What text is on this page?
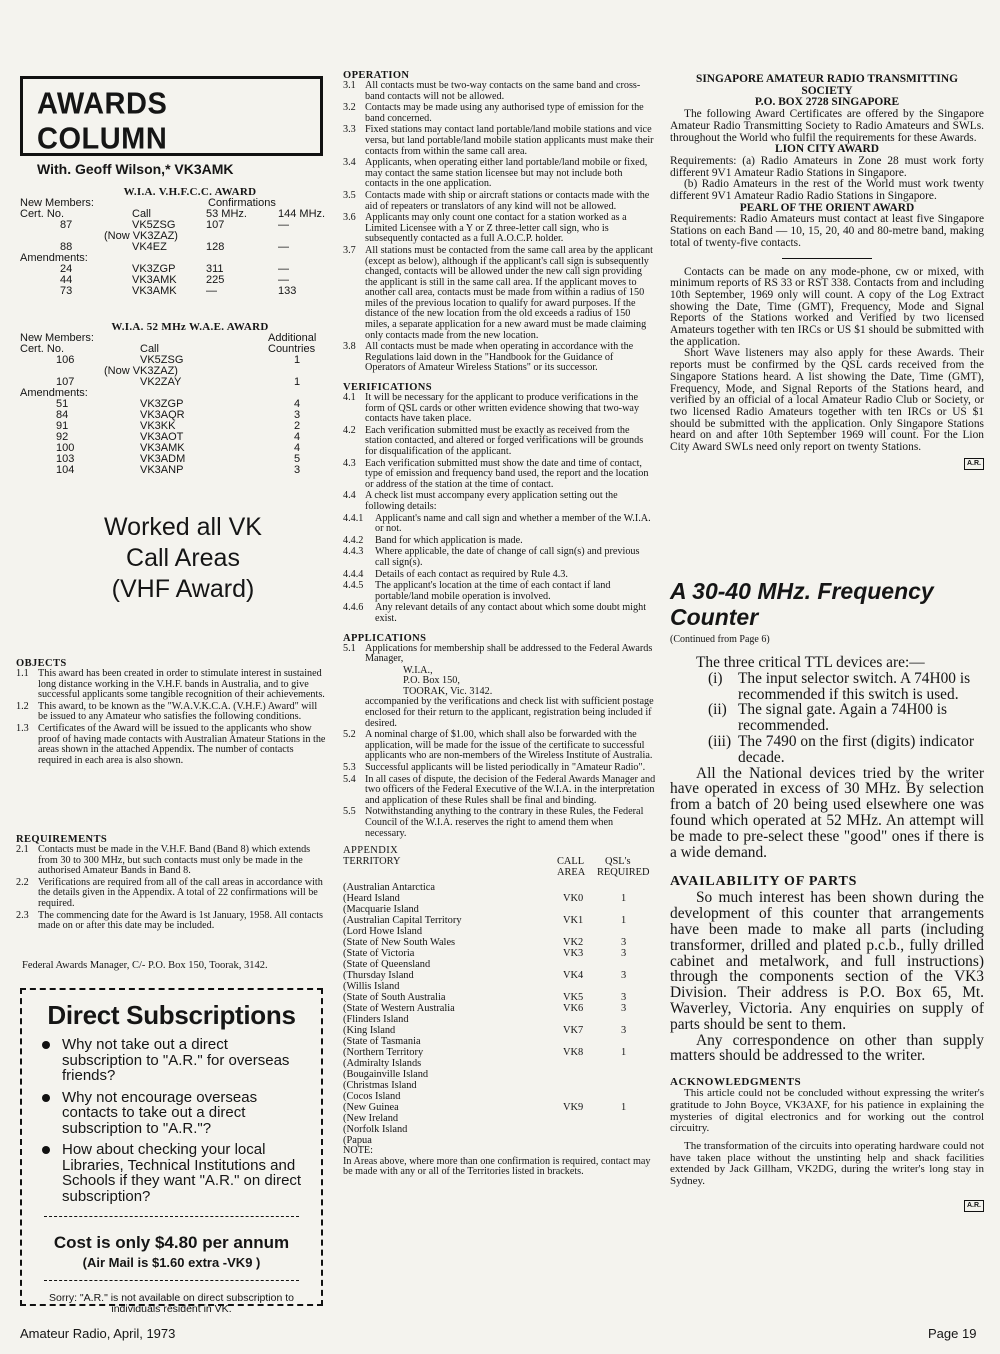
AWARDS COLUMN
With. Geoff Wilson,* VK3AMK
W.I.A. V.H.F.C.C. AWARD
New Members:	Confirmations
Cert. No.	Call	53 MHz.	144 MHz.
87	VK5ZSG	107	—
(Now VK3ZAZ)
88	VK4EZ	128	—
Amendments:
24	VK3ZGP	311	—
44	VK3AMK	225	—
73	VK3AMK	—	133
W.I.A. 52 MHz W.A.E. AWARD
New Members:	Additional
Cert. No.	Call	Countries
106	VK5ZSG	1
(Now VK3ZAZ)
107	VK2ZAY	1
Amendments:
51	VK3ZGP	4
84	VK3AQR	3
91	VK3KK	2
92	VK3AOT	4
100	VK3AMK	4
103	VK3ADM	5
104	VK3ANP	3
Worked all VK
Call Areas
(VHF Award)
OBJECTS
1.1 This award has been created in order to stimulate interest in sustained long distance working in the V.H.F. bands in Australia, and to give successful applicants some tangible recognition of their achievements.
1.2 This award, to be known as the "W.A.V.K.C.A. (V.H.F.) Award" will be issued to any Amateur who satisfies the following conditions.
1.3 Certificates of the Award will be issued to the applicants who show proof of having made contacts with Australian Amateur Stations in the areas shown in the attached Appendix. The number of contacts required in each area is also shown.
REQUIREMENTS
2.1 Contacts must be made in the V.H.F. Band (Band 8) which extends from 30 to 300 MHz, but such contacts must only be made in the authorised Amateur Bands in Band 8.
2.2 Verifications are required from all of the call areas in accordance with the details given in the Appendix. A total of 22 confirmations will be required.
2.3 The commencing date for the Award is 1st January, 1958. All contacts made on or after this date may be included.
Federal Awards Manager, C/- P.O. Box 150, Toorak, 3142.
Direct Subscriptions
Why not take out a direct subscription to "A.R." for overseas friends?
Why not encourage overseas contacts to take out a direct subscription to "A.R."?
How about checking your local Libraries, Technical Institutions and Schools if they want "A.R." on direct subscription?
Cost is only $4.80 per annum
(Air Mail is $1.60 extra -VK9 )
Sorry: "A.R." is not available on direct subscription to individuals resident in VK.
Amateur Radio, April, 1973
OPERATION
3.1 All contacts must be two-way contacts on the same band and cross-band contacts will not be allowed.
3.2 Contacts may be made using any authorised type of emission for the band concerned.
3.3 Fixed stations may contact land portable/land mobile stations and vice versa, but land portable/land mobile station applicants must make their contacts from within the same call area.
3.4 Applicants, when operating either land portable/land mobile or fixed, may contact the same station licensee but may not include both contacts in the one application.
3.5 Contacts made with ship or aircraft stations or contacts made with the aid of repeaters or translators of any kind will not be allowed.
3.6 Applicants may only count one contact for a station worked as a Limited Licensee with a Y or Z three-letter call sign, who is subsequently contacted as a full A.O.C.P. holder.
3.7 All stations must be contacted from the same call area by the applicant (except as below), although if the applicant's call sign is subsequently changed, contacts will be allowed under the new call sign providing the applicant is still in the same call area. If the applicant moves to another call area, contacts must be made from within a radius of 150 miles of the previous location to qualify for award purposes. If the distance of the new location from the old exceeds a radius of 150 miles, a separate application for a new award must be made claiming only contacts made from the new location.
3.8 All contacts must be made when operating in accordance with the Regulations laid down in the "Handbook for the Guidance of Operators of Amateur Wireless Stations" or its successor.
VERIFICATIONS
4.1 It will be necessary for the applicant to produce verifications in the form of QSL cards or other written evidence showing that two-way contacts have taken place.
4.2 Each verification submitted must be exactly as received from the station contacted, and altered or forged verifications will be grounds for disqualification of the applicant.
4.3 Each verification submitted must show the date and time of contact, type of emission and frequency band used, the report and the location or address of the station at the time of contact.
4.4 A check list must accompany every application setting out the following details:
4.4.1 Applicant's name and call sign and whether a member of the W.I.A. or not.
4.4.2 Band for which application is made.
4.4.3 Where applicable, the date of change of call sign(s) and previous call sign(s).
4.4.4 Details of each contact as required by Rule 4.3.
4.4.5 The applicant's location at the time of each contact if land portable/land mobile operation is involved.
4.4.6 Any relevant details of any contact about which some doubt might exist.
APPLICATIONS
5.1 Applications for membership shall be addressed to the Federal Awards Manager,
W.I.A.,
P.O. Box 150,
TOORAK, Vic. 3142.
accompanied by the verifications and check list with sufficient postage enclosed for their return to the applicant, registration being included if desired.
5.2 A nominal charge of $1.00, which shall also be forwarded with the application, will be made for the issue of the certificate to successful applicants who are non-members of the Wireless Institute of Australia.
5.3 Successful applicants will be listed periodically in "Amateur Radio".
5.4 In all cases of dispute, the decision of the Federal Awards Manager and two officers of the Federal Executive of the W.I.A. in the interpretation and application of these Rules shall be final and binding.
5.5 Notwithstanding anything to the contrary in these Rules, the Federal Council of the W.I.A. reserves the right to amend them when necessary.
APPENDIX
TERRITORY	CALL
AREA
QSL's
REQUIRED
(Australian Antarctica
(Heard Island	VK0	1
(Macquarie Island
(Australian Capital Territory	VK1	1
(Lord Howe Island
(State of New South Wales	VK2	3
(State of Victoria	VK3	3
(State of Queensland
(Thursday Island	VK4	3
(Willis Island
(State of South Australia	VK5	3
(State of Western Australia	VK6	3
(Flinders Island
(King Island	VK7	3
(State of Tasmania
(Northern Territory	VK8	1
(Admiralty Islands
(Bougainville Island
(Christmas Island
(Cocos Island
(New Guinea	VK9	1
(New Ireland
(Norfolk Island
(Papua
NOTE:
In Areas above, where more than one confirmation is required, contact may be made with any or all of the Territories listed in brackets.
SINGAPORE AMATEUR RADIO TRANSMITTING
SOCIETY
P.O. BOX 2728 SINGAPORE
The following Award Certificates are offered by the Singapore Amateur Radio Transmitting Society to Radio Amateurs and SWLs. throughout the World who fulfil the requirements for these Awards.
LION CITY AWARD
Requirements: (a) Radio Amateurs in Zone 28 must work forty different 9V1 Amateur Radio Stations in Singapore.
(b) Radio Amateurs in the rest of the World must work twenty different 9V1 Amateur Radio Radio Stations in Singapore.
PEARL OF THE ORIENT AWARD
Requirements: Radio Amateurs must contact at least five Singapore Stations on each Band — 10, 15, 20, 40 and 80-metre band, making total of twenty-five contacts.
Contacts can be made on any mode-phone, cw or mixed, with minimum reports of RS 33 or RST 338. Contacts from and including 10th September, 1969 only will count. A copy of the Log Extract showing the Date, Time (GMT), Frequency, Mode and Signal Reports of the Stations worked and Verified by two licensed Amateurs together with ten IRCs or US $1 should be submitted with the application.
Short Wave listeners may also apply for these Awards. Their reports must be confirmed by the QSL cards received from the Singapore Stations heard. A list showing the Date, Time (GMT), Frequency, Mode, and Signal Reports of the Stations heard, and verified by an official of a local Amateur Radio Club or Society, or two licensed Radio Amateurs together with ten IRCs or US $1 should be submitted with the application. Only Singapore Stations heard on and after 10th September 1969 will count. For the Lion City Award SWLs need only report on twenty Stations.
A.R.
A 30-40 MHz. Frequency
Counter
(Continued from Page 6)
The three critical TTL devices are:—
(i) The input selector switch. A 74H00 is recommended if this switch is used.
(ii) The signal gate. Again a 74H00 is recommended.
(iii) The 7490 on the first (digits) indicator decade.
All the National devices tried by the writer have operated in excess of 30 MHz. By selection from a batch of 20 being used elsewhere one was found which operated at 52 MHz. An attempt will be made to pre-select these "good" ones if there is a wide demand.
AVAILABILITY OF PARTS
So much interest has been shown during the development of this counter that arrangements have been made to make all parts (including transformer, drilled and plated p.c.b., fully drilled cabinet and metalwork, and full instructions) through the components section of the VK3 Division. Their address is P.O. Box 65, Mt. Waverley, Victoria. Any enquiries on supply of parts should be sent to them.
Any correspondence on other than supply matters should be addressed to the writer.
ACKNOWLEDGMENTS
This article could not be concluded without expressing the writer's gratitude to John Boyce, VK3AXF, for his patience in explaining the mysteries of digital electronics and for working out the control circuitry.
The transformation of the circuits into operating hardware could not have taken place without the unstinting help and shack facilities extended by Jack Gillham, VK2DG, during the writer's long stay in Sydney.
A.R.
Page 19
